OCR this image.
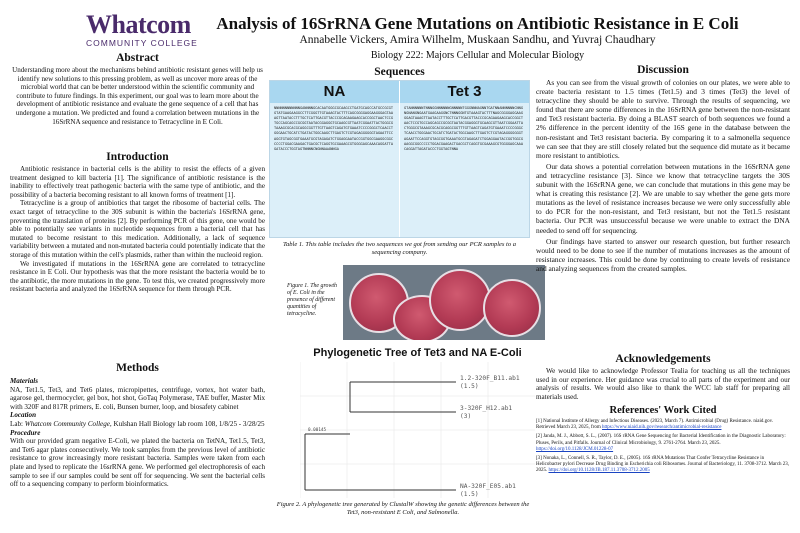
Whatcom
COMMUNITY COLLEGE
Analysis of 16SrRNA Gene Mutations on Antibiotic Resistance in E Coli
Annabelle Vickers, Amira Wilhelm, Muskaan Sandhu, and Yuvraj Chaudhary
Biology 222: Majors Cellular and Molecular Biology
Abstract
Understanding more about the mechanisms behind antibiotic resistant genes will help us identify new solutions to this pressing problem, as well as uncover more areas of the microbial world that can be better understood within the scientific community and contribute to future findings. In this experiment, our goal was to learn more about the development of antibiotic resistance and evaluate the gene sequence of a cell that has undergone a mutation. We predicted and found a correlation between mutations in the 16SrRNA sequence and resistance to Tetracycline in E Coli.
Introduction

Antibiotic resistance in bacterial cells is the ability to resist the effects of a given treatment designed to kill bacteria [1]. The significance of antibiotic resistance is the inability to effectively treat pathogenic bacteria with the same type of antibiotic, and the possibility of a bacteria becoming resistant to all known forms of treatment [1].

Tetracycline is a group of antibiotics that target the ribosome of bacterial cells. The exact target of tetracycline to the 30S subunit is within the bacteria's 16SrRNA gene, preventing the translation of proteins [2]. By performing PCR of this gene, one would be able to potentially see variants in nucleotide sequences from a bacterial cell that has mutated to become resistant to this medication. Additionally, a lack of sequence variability between a mutated and non-mutated bacteria could potentially indicate that the storage of this mutation within the cell's plasmids, rather than within the nucleoid region.

We investigated if mutations in the 16SrRNA gene are correlated to tetracycline resistance in E Coli. Our hypothesis was that the more resistant the bacteria would be to the antibiotic, the more mutations in the gene. To test this, we created progressively more resistant bacteria and analyzed the 16SrRNA sequence for them through PCR.

Methods

Materials

NA, Tet1.5, Tet3, and Tet6 plates, micropipettes, centrifuge, vortex, hot water bath, agarose gel, thermocycler, gel box, hot shot, GoTaq Polymerase, TAE buffer, Master Mix with 320F and 817R primers, E. coli, Bunsen burner, loop, and biosafety cabinet

Location

Lab: Whatcom Community College, Kulshan Hall Biology lab room 108, 1/8/25 - 3/28/25

Procedure

With our provided gram negative E-Coli, we plated the bacteria on TetNA, Tet1.5, Tet3, and Tet6 agar plates consecutively. We took samples from the previous level of antibiotic resistance to grow increasingly more resistant bacteria. Samples were taken from each plate and lysed to replicate the 16srRNA gene. We performed gel electrophoresis of each sample to see if our samples could be sent off for sequencing. We sent the bacterial cells off to a sequencing company to perform bioinformatics.

Sequences
NA	Tet 3
NNNNNNNNNNNNGANNNNGCACAATGGGCGCAAGCCTGATGCAGCCATGCCGCGTGTATGAAGAAGGCCTTCGGGTTGTAAAGTACTTTCAGCGGGGAGGAAGGGAGTAAAGTTAATACCTTTGCTCATTGACGTTACCCGCAGAAGAAGCACCGGCTAACTCCGTGCCAGCAGCCGCGGTAATACGGAGGGTGCAAGCGTTAATCGGAATTACTGGGCGTAAAGCGCACGCAGGCGGTTTGTTAAGTCAGATGTGAAATCCCCGGGCTCAACCTGGGAACTGCATCTGATACTGGCAAGCTTGAGTCTCGTAGAGGGGGGTAGAATTCCAGGTGTAGCGGTGAAATGCGTAGAGATCTGGAGGAATACCGGTGGCGAAGGCGGCCCCCTGGACGAAGACTGACGCTCAGGTGCGAAAGCGTGGGGAGCAAACAGGATTAGATACCCTGGTAGTNNNNCNGNNAAANNGA
GTANNNNNNTNNNGGNNNNNNGNNNNNTGGGNNNAGNNTGATNNANNNNNNCNNGNGNANGNGAATGAAGAAGGNCTNNNGGNTGTAAAGTACTTTNAGCGGGGAGGAAGGGAGTAAAGTTAATACCTTTGCTCATTGACGTTACCCGCAGAAGAAGCACCGGCTAACTCCGTGCCAGCAGCCGCGGTAATACGGAGGGTGCAAGCGTTAATCGGAATTACTGGGCGTAAAGCGCACGCAGGCGGTTTGTTAAGTCAGATGTGAAATCCCCGGGCTCAACCTGGGAACTGCATCTGATACTGGCAAGCTTGAGTCTCGTAGAGGGGGGGTAGAATTCCAGGTGTAGCGGTGAAATGCGTAGAGATCTGGAGGAATACCGGTGGCGAAGGCGGCCCCCTGGACGAAGACTGACGCTCAGGTGCGAAAGCGTGGGGAGCAAACAGGATTAGATACCCTGGTAGTNNA
Table 1. This table includes the two sequences we got from sending our PCR samples to a sequencing company.
Figure 1. The growth of E. Coli in the presence of different quantities of tetracycline.
Phylogenetic Tree of Tet3 and NA E-Coli
0.00145
1.2-320F_B11.ab1
(1.5)
3-320F_H12.ab1
(3)
NA-320F_E05.ab1
(1.5)
Figure 2. A phylogenetic tree generated by ClustalW showing the genetic differences between the Tet3, non-resistant E Coli, and Salmonella.
Discussion

As you can see from the visual growth of colonies on our plates, we were able to create bacteria resistant to 1.5 times (Tet1.5) and 3 times (Tet3) the level of tetracycline they should be able to survive. Through the results of sequencing, we found that there are some differences in the 16SrRNA gene between the non-resistant and Tet3 resistant bacteria. By doing a BLAST search of both sequences we found a 2% difference in the percent identity of the 16S gene in the database between the non-resistant and Tet3 resistant bacteria. By comparing it to a salmonella sequence we can see that they are still closely related but the sequence did mutate as it became more resistant to antibiotics.

Our data shows a potential correlation between mutations in the 16SrRNA gene and tetracycline resistance [3]. Since we know that tetracycline targets the 30S subunit with the 16SrRNA gene, we can conclude that mutations in this gene may be what is creating this resistance [2]. We are unable to say whether the gene gets more mutations as the level of resistance increases because we were only successfully able to do PCR for the non-resistant, and Tet3 resistant, but not the Tet1.5 resistant bacteria. Our PCR was unsuccessful because we were unable to extract the DNA needed to send off for sequencing.

Our findings have started to answer our research question, but further research would need to be done to see if the number of mutations increases as the amount of resistance increases. This could be done by continuing to create levels of resistance and analyzing sequences from the created samples.

Acknowledgements

We would like to acknowledge Professor Tealia for teaching us all the techniques used in our experience. Her guidance was crucial to all parts of the experiment and our analysis of results. We would also like to thank the WCC lab staff for preparing all materials used.

References' Work Cited

[1] National Institute of Allergy and Infectious Diseases. (2023, March 7). Antimicrobial (Drug) Resistance. niaid.gov. Retrieved March 23, 2025, from https://www.niaid.nih.gov/research/antimicrobial-resistance

[2] Janda, M. J., Abbott, S. L., (2007). 16S rRNA Gene Sequencing for Bacterial Identification in the Diagnostic Laboratory: Pluses, Perils, and Pitfalls. Journal of Clinical Microbiology, 9. 2761-2764. March 23, 2025. https://doi.org/10.1128/JCM.01228-07

[3] Nonaka, L., Connell, S. R., Taylor, D. E., (2005). 16S rRNA Mutations That Confer Tetracycline Resistance in Helicobacter pylori Decrease Drug Binding in Escherichia coli Ribosomes. Journal of Bacteriology, 11. 3708-3712. March 23, 2025. https://doi.org/10.1128/JB.187.11.3708-3712.2005
